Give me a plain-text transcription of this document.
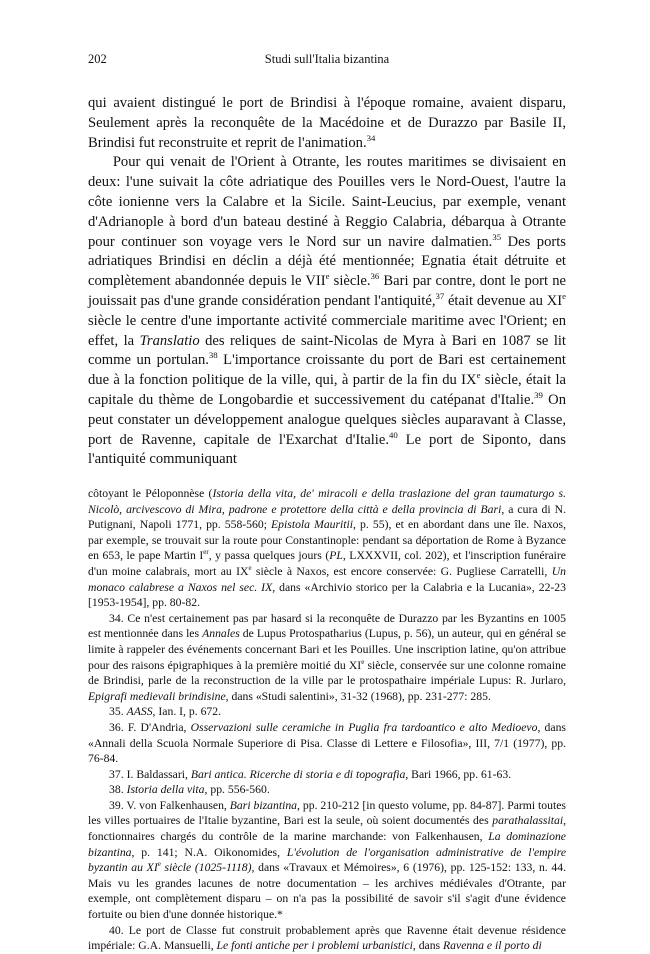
202	Studi sull'Italia bizantina

qui avaient distingué le port de Brindisi à l'époque romaine, avaient disparu, Seulement après la reconquête de la Macédoine et de Durazzo par Basile II, Brindisi fut reconstruite et reprit de l'animation.$^{34}$

Pour qui venait de l'Orient à Otrante, les routes maritimes se divisaient en deux: l'une suivait la côte adriatique des Pouilles vers le Nord-Ouest, l'autre la côte ionienne vers la Calabre et la Sicile. Saint-Leucius, par exemple, venant d'Adrianople à bord d'un bateau destiné à Reggio Calabria, débarqua à Otrante pour continuer son voyage vers le Nord sur un navire dalmatien.$^{35}$ Des ports adriatiques Brindisi en déclin a déjà été mentionnée; Egnatia était détruite et complètement abandonnée depuis le VIIe siècle.$^{36}$ Bari par contre, dont le port ne jouissait pas d'une grande considération pendant l'antiquité,$^{37}$ était devenue au XIe siècle le centre d'une importante activité commerciale maritime avec l'Orient; en effet, la Translatio des reliques de saint-Nicolas de Myra à Bari en 1087 se lit comme un portulan.$^{38}$ L'importance croissante du port de Bari est certainement due à la fonction politique de la ville, qui, à partir de la fin du IXe siècle, était la capitale du thème de Longobardie et successivement du catépanat d'Italie.$^{39}$ On peut constater un développement analogue quelques siècles auparavant à Classe, port de Ravenne, capitale de l'Exarchat d'Italie.$^{40}$ Le port de Siponto, dans l'antiquité communiquant

côtoyant le Péloponnèse (Istoria della vita, de' miracoli e della traslazione del gran taumaturgo s. Nicolò, arcivescovo di Mira, padrone e protettore della città e della provincia di Bari, a cura di N. Putignani, Napoli 1771, pp. 558-560; Epistola Mauritii, p. 55), et en abordant dans une île. Naxos, par exemple, se trouvait sur la route pour Constantinople: pendant sa déportation de Rome à Byzance en 653, le pape Martin Ier, y passa quelques jours (PL, LXXXVII, col. 202), et l'inscription funéraire d'un moine calabrais, mort au IXe siècle à Naxos, est encore conservée: G. Pugliese Carratelli, Un monaco calabrese a Naxos nel sec. IX, dans «Archivio storico per la Calabria e la Lucania», 22-23 [1953-1954], pp. 80-82.

34. Ce n'est certainement pas par hasard si la reconquête de Durazzo par les Byzantins en 1005 est mentionnée dans les Annales de Lupus Protospatharius (Lupus, p. 56), un auteur, qui en général se limite à rappeler des événements concernant Bari et les Pouilles. Une inscription latine, qu'on attribue pour des raisons épigraphiques à la première moitié du XIe siècle, conservée sur une colonne romaine de Brindisi, parle de la reconstruction de la ville par le protospathaire impériale Lupus: R. Jurlaro, Epigrafi medievali brindisine, dans «Studi salentini», 31-32 (1968), pp. 231-277: 285.

35. AASS, Ian. I, p. 672.

36. F. D'Andria, Osservazioni sulle ceramiche in Puglia fra tardoantico e alto Medioevo, dans «Annali della Scuola Normale Superiore di Pisa. Classe di Lettere e Filosofia», III, 7/1 (1977), pp. 76-84.

37. I. Baldassari, Bari antica. Ricerche di storia e di topografia, Bari 1966, pp. 61-63.

38. Istoria della vita, pp. 556-560.

39. V. von Falkenhausen, Bari bizantina, pp. 210-212 [in questo volume, pp. 84-87]. Parmi toutes les villes portuaires de l'Italie byzantine, Bari est la seule, où soient documentés des parathalassitai, fonctionnaires chargés du contrôle de la marine marchande: von Falkenhausen, La dominazione bizantina, p. 141; N.A. Oikonomides, L'évolution de l'organisation administrative de l'empire byzantin au XIe siècle (1025-1118), dans «Travaux et Mémoires», 6 (1976), pp. 125-152: 133, n. 44. Mais vu les grandes lacunes de notre documentation – les archives médiévales d'Otrante, par exemple, ont complètement disparu – on n'a pas la possibilité de savoir s'il s'agit d'une évidence fortuite ou bien d'une donnée historique.*

40. Le port de Classe fut construit probablement après que Ravenne était devenue résidence impériale: G.A. Mansuelli, Le fonti antiche per i problemi urbanistici, dans Ravenna e il porto di
